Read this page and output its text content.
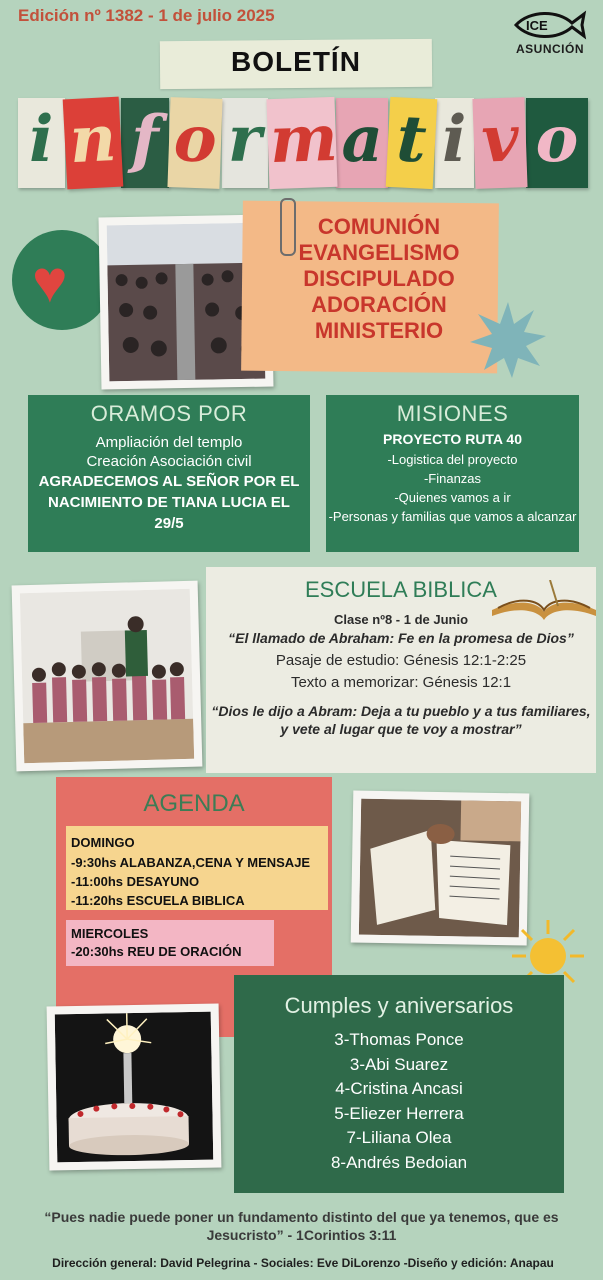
Edición nº 1382 - 1 de julio 2025
ICE
ASUNCIÓN
BOLETÍN
i n f o r m a t i v o
♥
COMUNIÓN
EVANGELISMO
DISCIPULADO
ADORACIÓN
MINISTERIO
ORAMOS POR
Ampliación del templo
Creación Asociación civil
AGRADECEMOS AL SEÑOR POR EL NACIMIENTO DE TIANA LUCIA EL 29/5
MISIONES
PROYECTO RUTA 40
-Logistica del proyecto
-Finanzas
-Quienes vamos a ir
-Personas y familias que vamos a alcanzar
ESCUELA BIBLICA
Clase nº8 - 1 de Junio
“El llamado de Abraham: Fe en la promesa de Dios”
Pasaje de estudio: Génesis 12:1-2:25
Texto a memorizar: Génesis 12:1
“Dios le dijo a Abram: Deja a tu pueblo y a tus familiares, y vete al lugar que te voy a mostrar”
AGENDA
DOMINGO
-9:30hs ALABANZA,CENA Y MENSAJE
-11:00hs DESAYUNO
-11:20hs ESCUELA BIBLICA
MIERCOLES
-20:30hs REU DE ORACIÓN
Cumples y aniversarios
3-Thomas Ponce
3-Abi Suarez
4-Cristina Ancasi
5-Eliezer Herrera
7-Liliana Olea
8-Andrés Bedoian
“Pues nadie puede poner un fundamento distinto del que ya tenemos, que es Jesucristo” - 1Corintios 3:11
Dirección general: David Pelegrina - Sociales: Eve DiLorenzo -Diseño y edición: Anapau
